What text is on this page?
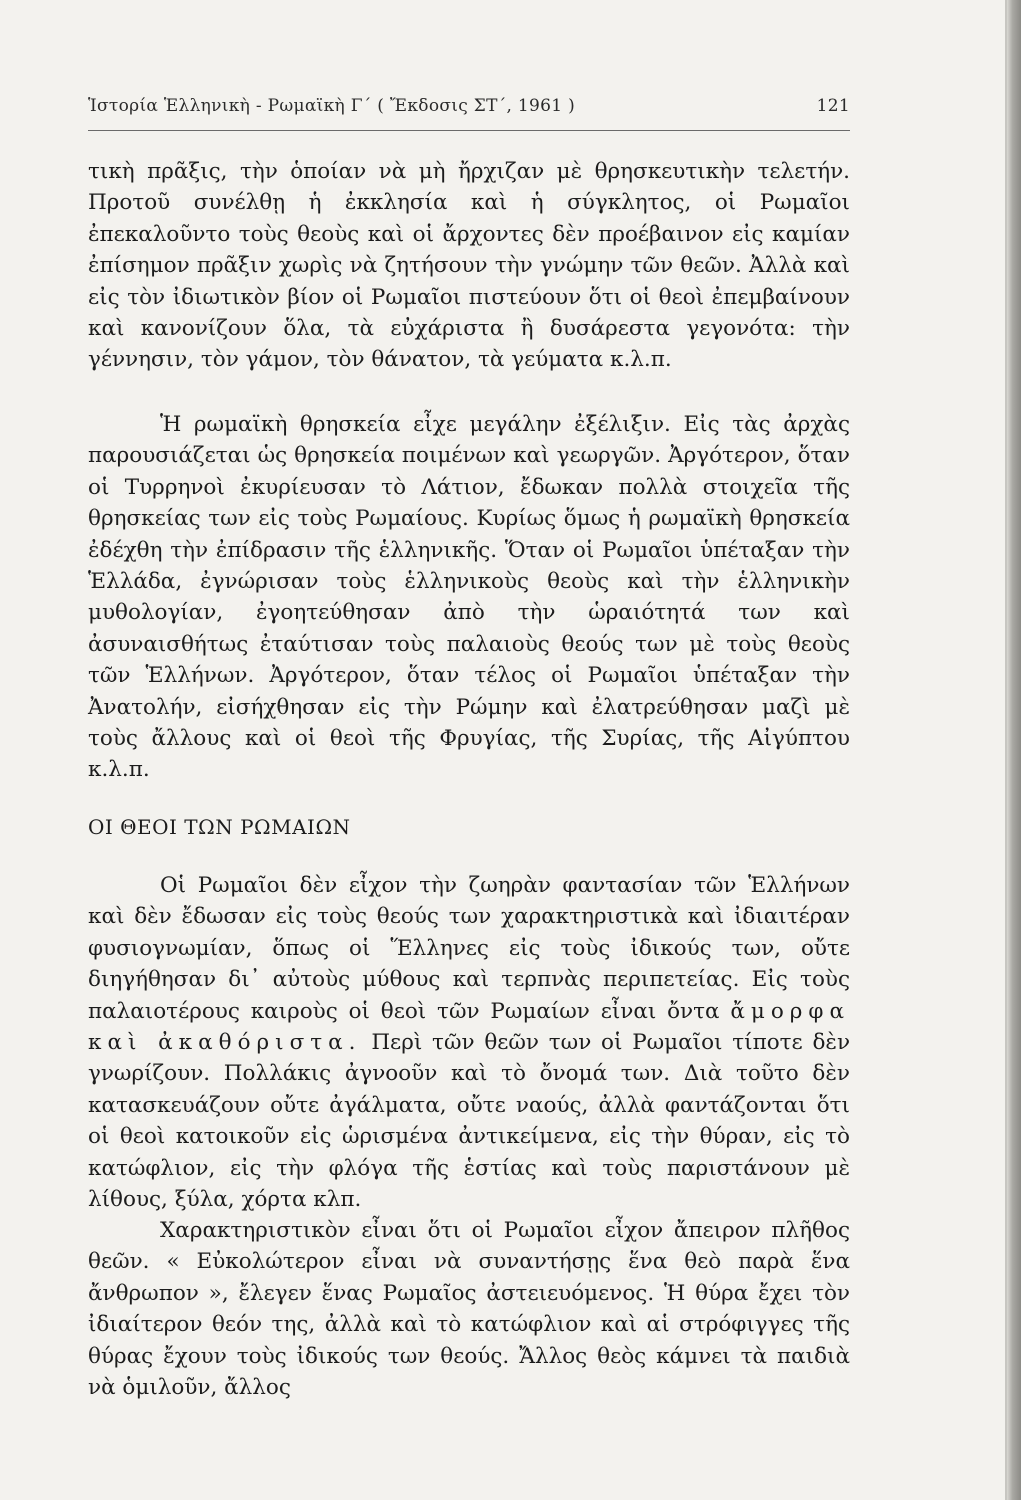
Ἱστορία Ἑλληνικὴ - Ρωμαϊκὴ Γ΄ ( Ἔκδοσις ΣΤ΄, 1961 )	121

τικὴ πρᾶξις, τὴν ὁποίαν νὰ μὴ ἤρχιζαν μὲ θρησκευτικὴν τελετήν. Προτοῦ συνέλθῃ ἡ ἐκκλησία καὶ ἡ σύγκλητος, οἱ Ρωμαῖοι ἐπεκαλοῦντο τοὺς θεοὺς καὶ οἱ ἄρχοντες δὲν προέβαινον εἰς καμίαν ἐπίσημον πρᾶξιν χωρὶς νὰ ζητήσουν τὴν γνώμην τῶν θεῶν. Ἀλλὰ καὶ εἰς τὸν ἰδιωτικὸν βίον οἱ Ρωμαῖοι πιστεύουν ὅτι οἱ θεοὶ ἐπεμβαίνουν καὶ κανονίζουν ὅλα, τὰ εὐχάριστα ἢ δυσάρεστα γεγονότα: τὴν γέννησιν, τὸν γάμον, τὸν θάνατον, τὰ γεύματα κ.λ.π.

Ἡ ρωμαϊκὴ θρησκεία εἶχε μεγάλην ἐξέλιξιν. Εἰς τὰς ἀρχὰς παρουσιάζεται ὡς θρησκεία ποιμένων καὶ γεωργῶν. Ἀργότερον, ὅταν οἱ Τυρρηνοὶ ἐκυρίευσαν τὸ Λάτιον, ἔδωκαν πολλὰ στοιχεῖα τῆς θρησκείας των εἰς τοὺς Ρωμαίους. Κυρίως ὅμως ἡ ρωμαϊκὴ θρησκεία ἐδέχθη τὴν ἐπίδρασιν τῆς ἑλληνικῆς. Ὅταν οἱ Ρωμαῖοι ὑπέταξαν τὴν Ἑλλάδα, ἐγνώρισαν τοὺς ἑλληνικοὺς θεοὺς καὶ τὴν ἑλληνικὴν μυθολογίαν, ἐγοητεύθησαν ἀπὸ τὴν ὡραιότητά των καὶ ἀσυναισθήτως ἐταύτισαν τοὺς παλαιοὺς θεούς των μὲ τοὺς θεοὺς τῶν Ἑλλήνων. Ἀργότερον, ὅταν τέλος οἱ Ρωμαῖοι ὑπέταξαν τὴν Ἀνατολήν, εἰσήχθησαν εἰς τὴν Ρώμην καὶ ἐλατρεύθησαν μαζὶ μὲ τοὺς ἄλλους καὶ οἱ θεοὶ τῆς Φρυγίας, τῆς Συρίας, τῆς Αἰγύπτου κ.λ.π.

ΟΙ ΘΕΟΙ ΤΩΝ ΡΩΜΑΙΩΝ

Οἱ Ρωμαῖοι δὲν εἶχον τὴν ζωηρὰν φαντασίαν τῶν Ἑλλήνων καὶ δὲν ἔδωσαν εἰς τοὺς θεούς των χαρακτηριστικὰ καὶ ἰδιαιτέραν φυσιογνωμίαν, ὅπως οἱ Ἕλληνες εἰς τοὺς ἰδικούς των, οὔτε διηγήθησαν δι᾽ αὐτοὺς μύθους καὶ τερπνὰς περιπετείας. Εἰς τοὺς παλαιοτέρους καιροὺς οἱ θεοὶ τῶν Ρωμαίων εἶναι ὄντα ἄμορφα καὶ ἀκαθόριστα. Περὶ τῶν θεῶν των οἱ Ρωμαῖοι τίποτε δὲν γνωρίζουν. Πολλάκις ἀγνοοῦν καὶ τὸ ὄνομά των. Διὰ τοῦτο δὲν κατασκευάζουν οὔτε ἀγάλματα, οὔτε ναούς, ἀλλὰ φαντάζονται ὅτι οἱ θεοὶ κατοικοῦν εἰς ὡρισμένα ἀντικείμενα, εἰς τὴν θύραν, εἰς τὸ κατώφλιον, εἰς τὴν φλόγα τῆς ἑστίας καὶ τοὺς παριστάνουν μὲ λίθους, ξύλα, χόρτα κλπ.

Χαρακτηριστικὸν εἶναι ὅτι οἱ Ρωμαῖοι εἶχον ἄπειρον πλῆθος θεῶν. « Εὐκολώτερον εἶναι νὰ συναντήσῃς ἕνα θεὸ παρὰ ἕνα ἄνθρωπον », ἔλεγεν ἕνας Ρωμαῖος ἀστειευόμενος. Ἡ θύρα ἔχει τὸν ἰδιαίτερον θεόν της, ἀλλὰ καὶ τὸ κατώφλιον καὶ αἱ στρόφιγγες τῆς θύρας ἔχουν τοὺς ἰδικούς των θεούς. Ἄλλος θεὸς κάμνει τὰ παιδιὰ νὰ ὁμιλοῦν, ἄλλος
